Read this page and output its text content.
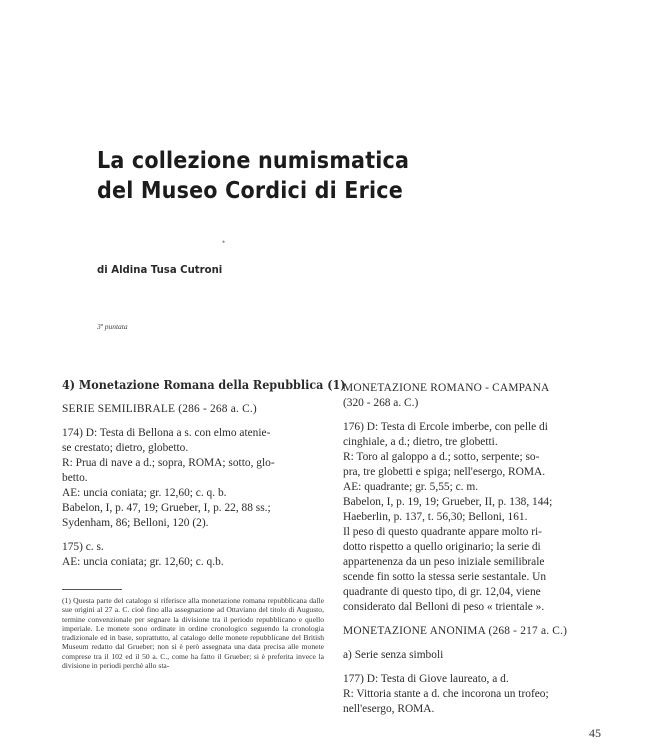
La collezione numismatica
del Museo Cordici di Erice
•
di Aldina Tusa Cutroni
3ª puntata

4) Monetazione Romana della Repubblica (1)

SERIE SEMILIBRALE (286 - 268 a. C.)

174) D: Testa di Bellona a s. con elmo atenie-

se crestato; dietro, globetto.

R: Prua di nave a d.; sopra, ROMA; sotto, glo-

betto.

AE: uncia coniata; gr. 12,60; c. q. b.

Babelon, I, p. 47, 19; Grueber, I, p. 22, 88 ss.;

Sydenham, 86; Belloni, 120 (2).

175) c. s.

AE: uncia coniata; gr. 12,60; c. q.b.

(1) Questa parte del catalogo si riferisce alla monetazione romana repubblicana dalle sue origini al 27 a. C. cioè fino alla assegnazione ad Ottaviano del titolo di Augusto, termine convenzionale per segnare la divisione tra il periodo repubblicano e quello imperiale. Le monete sono ordinate in ordine cronologico seguendo la cronologia tradizionale ed in base, soprattutto, al catalogo delle monete repubblicane del British Museum redatto dal Grueber; non si è però assegnata una data precisa alle monete comprese tra il 102 ed il 50 a. C., come ha fatto il Grueber; si è preferita invece la divisione in periodi perchè allo sta-

MONETAZIONE ROMANO - CAMPANA

(320 - 268 a. C.)

176) D: Testa di Ercole imberbe, con pelle di

cinghiale, a d.; dietro, tre globetti.

R: Toro al galoppo a d.; sotto, serpente; so-

pra, tre globetti e spiga; nell'esergo, ROMA.

AE: quadrante; gr. 5,55; c. m.

Babelon, I, p. 19, 19; Grueber, II, p. 138, 144;

Haeberlin, p. 137, t. 56,30; Belloni, 161.

Il peso di questo quadrante appare molto ri-

dotto rispetto a quello originario; la serie di

appartenenza da un peso iniziale semilibrale

scende fin sotto la stessa serie sestantale. Un

quadrante di questo tipo, di gr. 12,04, viene

considerato dal Belloni di peso « trientale ».

MONETAZIONE ANONIMA (268 - 217 a. C.)

a) Serie senza simboli

177) D: Testa di Giove laureato, a d.

R: Vittoria stante a d. che incorona un trofeo;

nell'esergo, ROMA.

45
